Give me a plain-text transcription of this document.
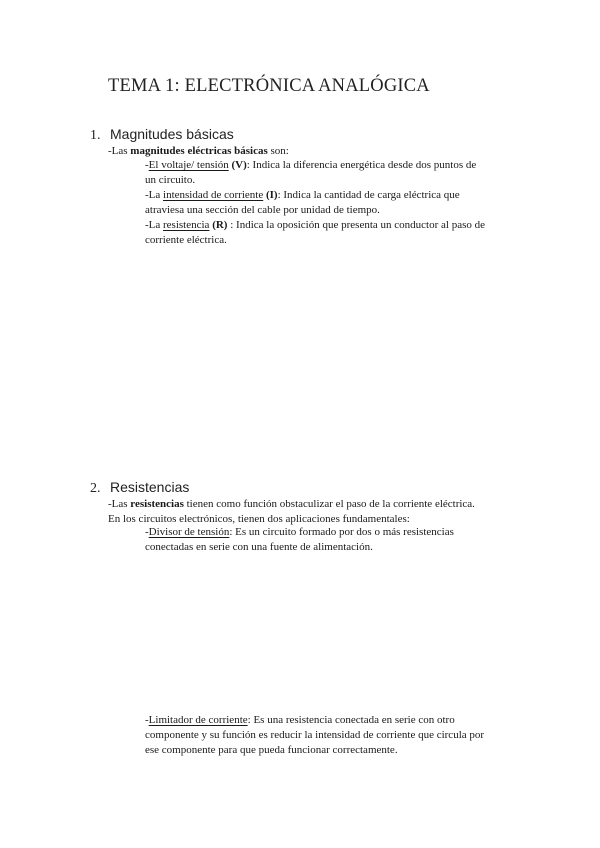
TEMA 1: ELECTRÓNICA ANALÓGICA
1. Magnitudes básicas
-Las magnitudes eléctricas básicas son:
-El voltaje/ tensión (V): Indica la diferencia energética desde dos puntos de
un circuito.
-La intensidad de corriente (I): Indica la cantidad de carga eléctrica que
atraviesa una sección del cable por unidad de tiempo.
-La resistencia (R) : Indica la oposición que presenta un conductor al paso de
corriente eléctrica.
2. Resistencias
-Las resistencias tienen como función obstaculizar el paso de la corriente eléctrica.
En los circuitos electrónicos, tienen dos aplicaciones fundamentales:
-Divisor de tensión: Es un circuito formado por dos o más resistencias
conectadas en serie con una fuente de alimentación.
-Limitador de corriente: Es una resistencia conectada en serie con otro
componente y su función es reducir la intensidad de corriente que circula por
ese componente para que pueda funcionar correctamente.
